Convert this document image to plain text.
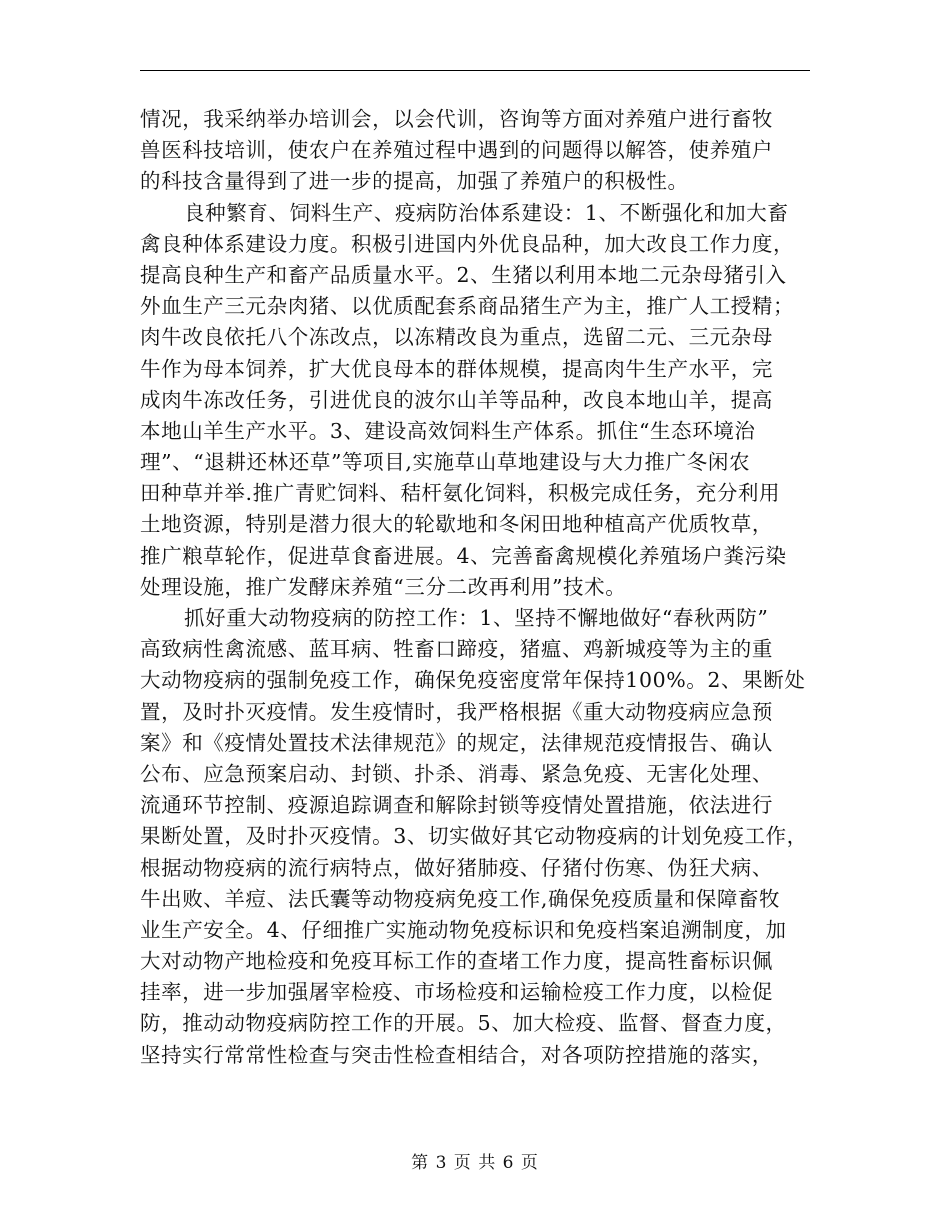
情况，我采纳举办培训会，以会代训，咨询等方面对养殖户进行畜牧
兽医科技培训，使农户在养殖过程中遇到的问题得以解答，使养殖户
的科技含量得到了进一步的提高，加强了养殖户的积极性。
良种繁育、饲料生产、疫病防治体系建设：1、不断强化和加大畜
禽良种体系建设力度。积极引进国内外优良品种，加大改良工作力度，
提高良种生产和畜产品质量水平。2、生猪以利用本地二元杂母猪引入
外血生产三元杂肉猪、以优质配套系商品猪生产为主，推广人工授精；
肉牛改良依托八个冻改点，以冻精改良为重点，选留二元、三元杂母
牛作为母本饲养，扩大优良母本的群体规模，提高肉牛生产水平，完
成肉牛冻改任务，引进优良的波尔山羊等品种，改良本地山羊，提高
本地山羊生产水平。3、建设高效饲料生产体系。抓住“生态环境治
理”、“退耕还林还草”等项目,实施草山草地建设与大力推广冬闲农
田种草并举.推广青贮饲料、秸杆氨化饲料，积极完成任务，充分利用
土地资源，特别是潜力很大的轮歇地和冬闲田地种植高产优质牧草，
推广粮草轮作，促进草食畜进展。4、完善畜禽规模化养殖场户粪污染
处理设施，推广发酵床养殖“三分二改再利用”技术。
抓好重大动物疫病的防控工作：1、坚持不懈地做好“春秋两防”
高致病性禽流感、蓝耳病、牲畜口蹄疫，猪瘟、鸡新城疫等为主的重
大动物疫病的强制免疫工作，确保免疫密度常年保持100%。2、果断处
置，及时扑灭疫情。发生疫情时，我严格根据《重大动物疫病应急预
案》和《疫情处置技术法律规范》的规定，法律规范疫情报告、确认
公布、应急预案启动、封锁、扑杀、消毒、紧急免疫、无害化处理、
流通环节控制、疫源追踪调查和解除封锁等疫情处置措施，依法进行
果断处置，及时扑灭疫情。3、切实做好其它动物疫病的计划免疫工作，
根据动物疫病的流行病特点，做好猪肺疫、仔猪付伤寒、伪狂犬病、
牛出败、羊痘、法氏囊等动物疫病免疫工作,确保免疫质量和保障畜牧
业生产安全。4、仔细推广实施动物免疫标识和免疫档案追溯制度，加
大对动物产地检疫和免疫耳标工作的查堵工作力度，提高牲畜标识佩
挂率，进一步加强屠宰检疫、市场检疫和运输检疫工作力度，以检促
防，推动动物疫病防控工作的开展。5、加大检疫、监督、督查力度，
坚持实行常常性检查与突击性检查相结合，对各项防控措施的落实，
第 3 页 共 6 页
